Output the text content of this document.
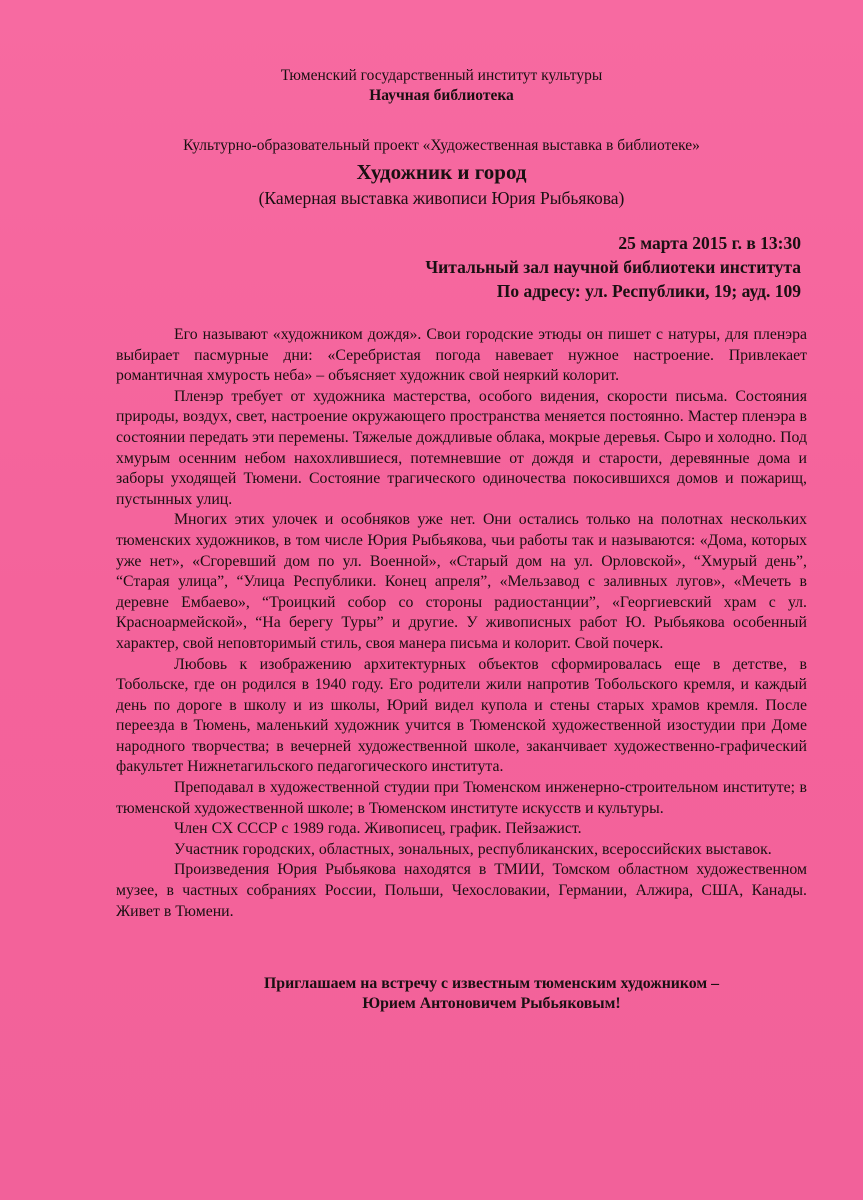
Тюменский государственный институт культуры
Научная библиотека
Культурно-образовательный проект «Художественная выставка в библиотеке»
Художник и город
(Камерная выставка живописи Юрия Рыбьякова)
25 марта 2015 г. в 13:30
Читальный зал научной библиотеки института
По адресу: ул. Республики, 19; ауд. 109

Его называют «художником дождя». Свои городские этюды он пишет с натуры, для пленэра выбирает пасмурные дни: «Серебристая погода навевает нужное настроение. Привлекает романтичная хмурость неба» – объясняет художник свой неяркий колорит.

Пленэр требует от художника мастерства, особого видения, скорости письма. Состояния природы, воздух, свет, настроение окружающего пространства меняется постоянно. Мастер пленэра в состоянии передать эти перемены. Тяжелые дождливые облака, мокрые деревья. Сыро и холодно. Под хмурым осенним небом нахохлившиеся, потемневшие от дождя и старости, деревянные дома и заборы уходящей Тюмени. Состояние трагического одиночества покосившихся домов и пожарищ, пустынных улиц.

Многих этих улочек и особняков уже нет. Они остались только на полотнах нескольких тюменских художников, в том числе Юрия Рыбьякова, чьи работы так и называются: «Дома, которых уже нет», «Сгоревший дом по ул. Военной», «Старый дом на ул. Орловской», “Хмурый день”, “Старая улица”, “Улица Республики. Конец апреля”, «Мельзавод с заливных лугов», «Мечеть в деревне Ембаево», “Троицкий собор со стороны радиостанции”, «Георгиевский храм с ул. Красноармейской», “На берегу Туры” и другие. У живописных работ Ю. Рыбьякова особенный характер, свой неповторимый стиль, своя манера письма и колорит. Свой почерк.

Любовь к изображению архитектурных объектов сформировалась еще в детстве, в Тобольске, где он родился в 1940 году. Его родители жили напротив Тобольского кремля, и каждый день по дороге в школу и из школы, Юрий видел купола и стены старых храмов кремля. После переезда в Тюмень, маленький художник учится в Тюменской художественной изостудии при Доме народного творчества; в вечерней художественной школе, заканчивает художественно-графический факультет Нижнетагильского педагогического института.

Преподавал в художественной студии при Тюменском инженерно-строительном институте; в тюменской художественной школе; в Тюменском институте искусств и культуры.

Член СХ СССР с 1989 года. Живописец, график. Пейзажист.

Участник городских, областных, зональных, республиканских, всероссийских выставок.

Произведения Юрия Рыбьякова находятся в ТМИИ, Томском областном художественном музее, в частных собраниях России, Польши, Чехословакии, Германии, Алжира, США, Канады. Живет в Тюмени.

Приглашаем на встречу с известным тюменским художником –
Юрием Антоновичем Рыбьяковым!
